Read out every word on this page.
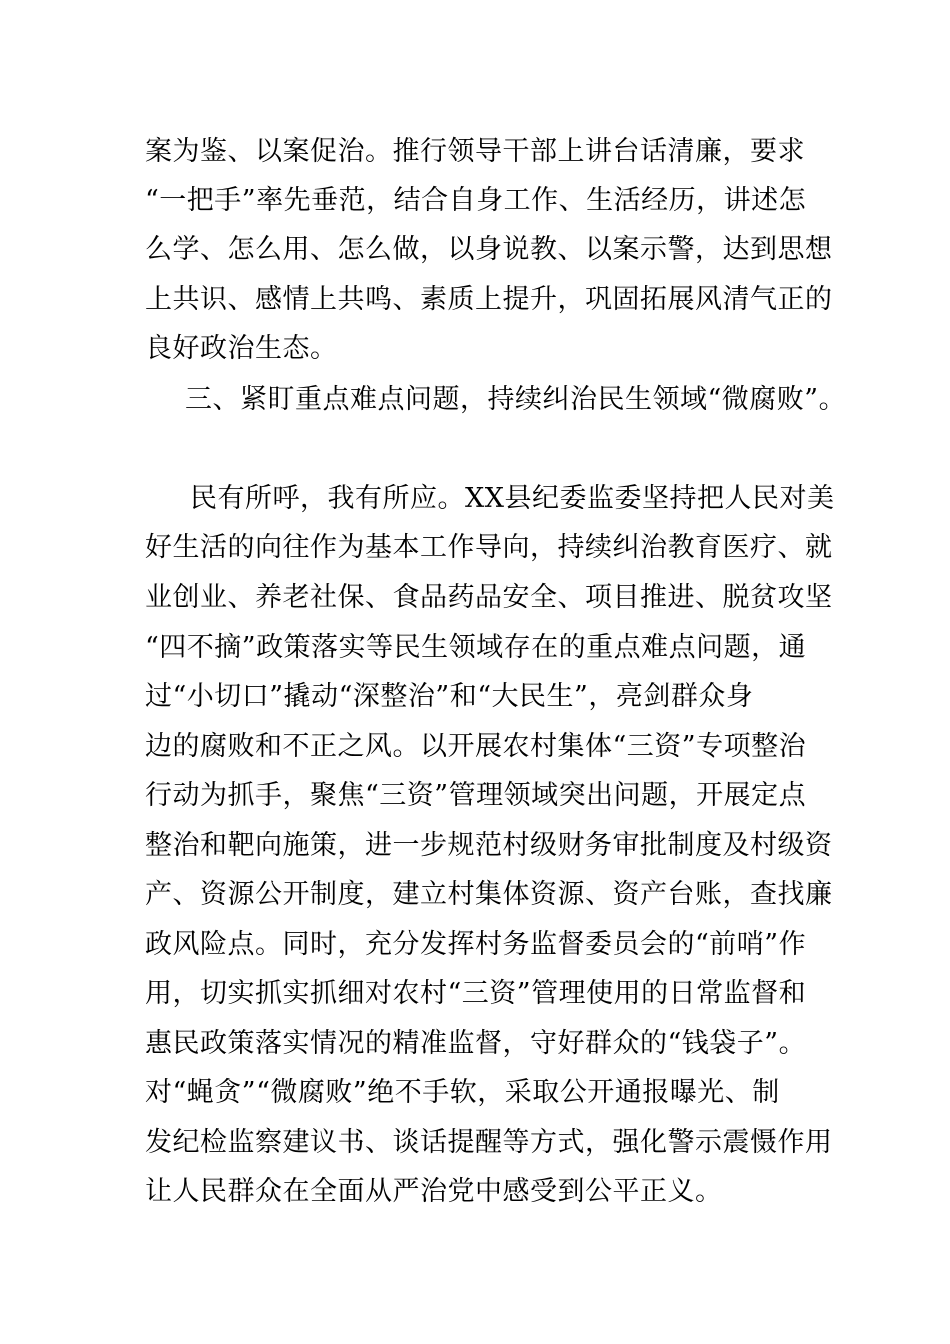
案为鉴、以案促治。推行领导干部上讲台话清廉，要求

“一把手”率先垂范，结合自身工作、生活经历，讲述怎

么学、怎么用、怎么做，以身说教、以案示警，达到思想

上共识、感情上共鸣、素质上提升，巩固拓展风清气正的

良好政治生态。

三、紧盯重点难点问题，持续纠治民生领域“微腐败”。

民有所呼，我有所应。XX县纪委监委坚持把人民对美

好生活的向往作为基本工作导向，持续纠治教育医疗、就

业创业、养老社保、食品药品安全、项目推进、脱贫攻坚

“四不摘”政策落实等民生领域存在的重点难点问题，通

过“小切口”撬动“深整治”和“大民生”，亮剑群众身

边的腐败和不正之风。以开展农村集体“三资”专项整治

行动为抓手，聚焦“三资”管理领域突出问题，开展定点

整治和靶向施策，进一步规范村级财务审批制度及村级资

产、资源公开制度，建立村集体资源、资产台账，查找廉

政风险点。同时，充分发挥村务监督委员会的“前哨”作

用，切实抓实抓细对农村“三资”管理使用的日常监督和

惠民政策落实情况的精准监督，守好群众的“钱袋子”。

对“蝇贪”“微腐败”绝不手软，采取公开通报曝光、制

发纪检监察建议书、谈话提醒等方式，强化警示震慑作用

让人民群众在全面从严治党中感受到公平正义。
